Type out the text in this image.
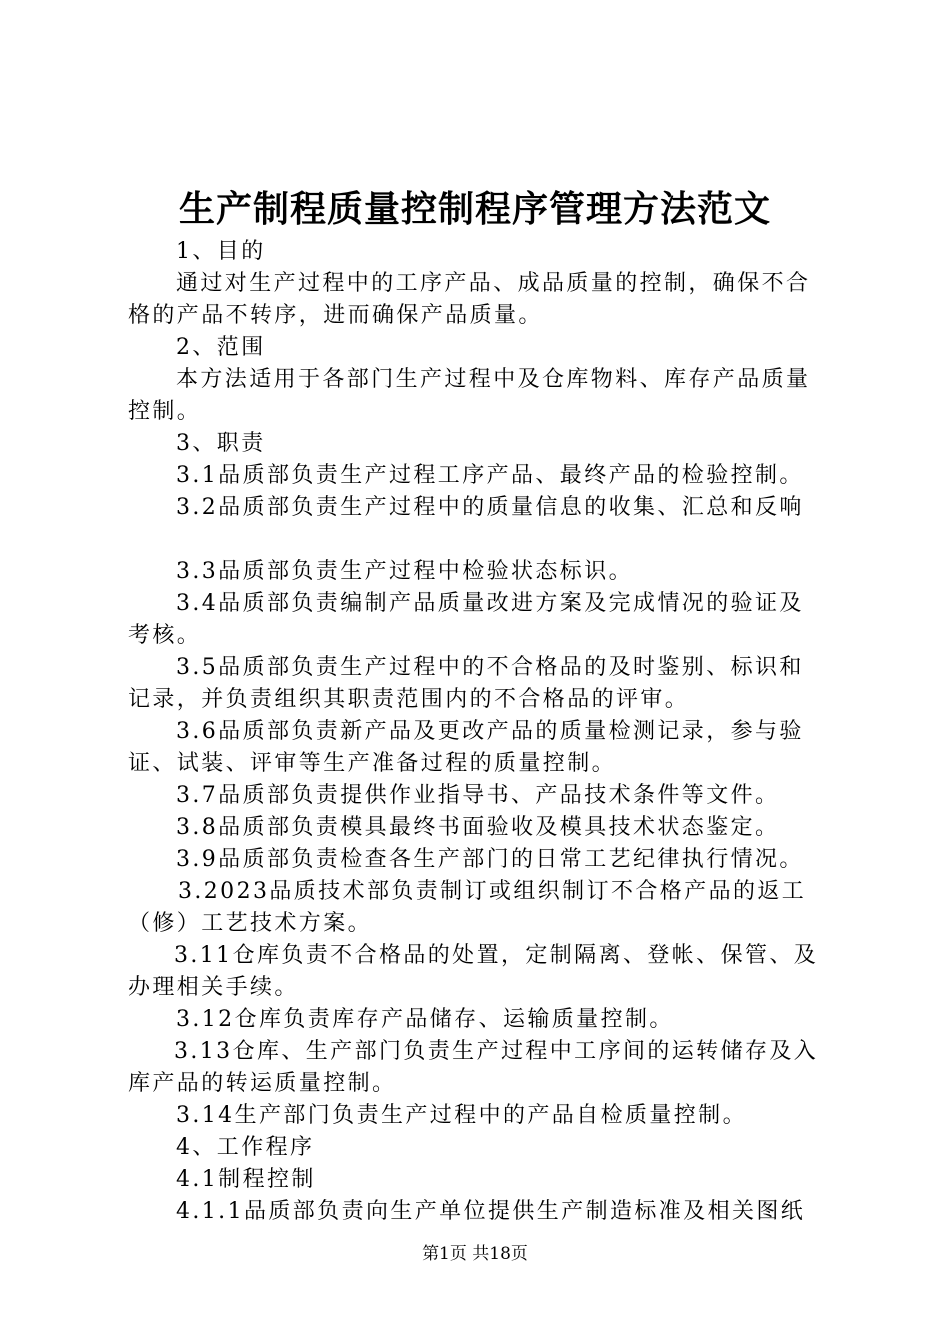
生产制程质量控制程序管理方法范文
1、目的
通过对生产过程中的工序产品、成品质量的控制，确保不合
格的产品不转序，进而确保产品质量。
2、范围
本方法适用于各部门生产过程中及仓库物料、库存产品质量
控制。
3、职责
3.1品质部负责生产过程工序产品、最终产品的检验控制。
3.2品质部负责生产过程中的质量信息的收集、汇总和反响
3.3品质部负责生产过程中检验状态标识。
3.4品质部负责编制产品质量改进方案及完成情况的验证及
考核。
3.5品质部负责生产过程中的不合格品的及时鉴别、标识和
记录，并负责组织其职责范围内的不合格品的评审。
3.6品质部负责新产品及更改产品的质量检测记录，参与验
证、试装、评审等生产准备过程的质量控制。
3.7品质部负责提供作业指导书、产品技术条件等文件。
3.8品质部负责模具最终书面验收及模具技术状态鉴定。
3.9品质部负责检查各生产部门的日常工艺纪律执行情况。
3.2023品质技术部负责制订或组织制订不合格产品的返工
（修）工艺技术方案。
3.11仓库负责不合格品的处置，定制隔离、登帐、保管、及
办理相关手续。
3.12仓库负责库存产品储存、运输质量控制。
3.13仓库、生产部门负责生产过程中工序间的运转储存及入
库产品的转运质量控制。
3.14生产部门负责生产过程中的产品自检质量控制。
4、工作程序
4.1制程控制
4.1.1品质部负责向生产单位提供生产制造标准及相关图纸
第1页 共18页
